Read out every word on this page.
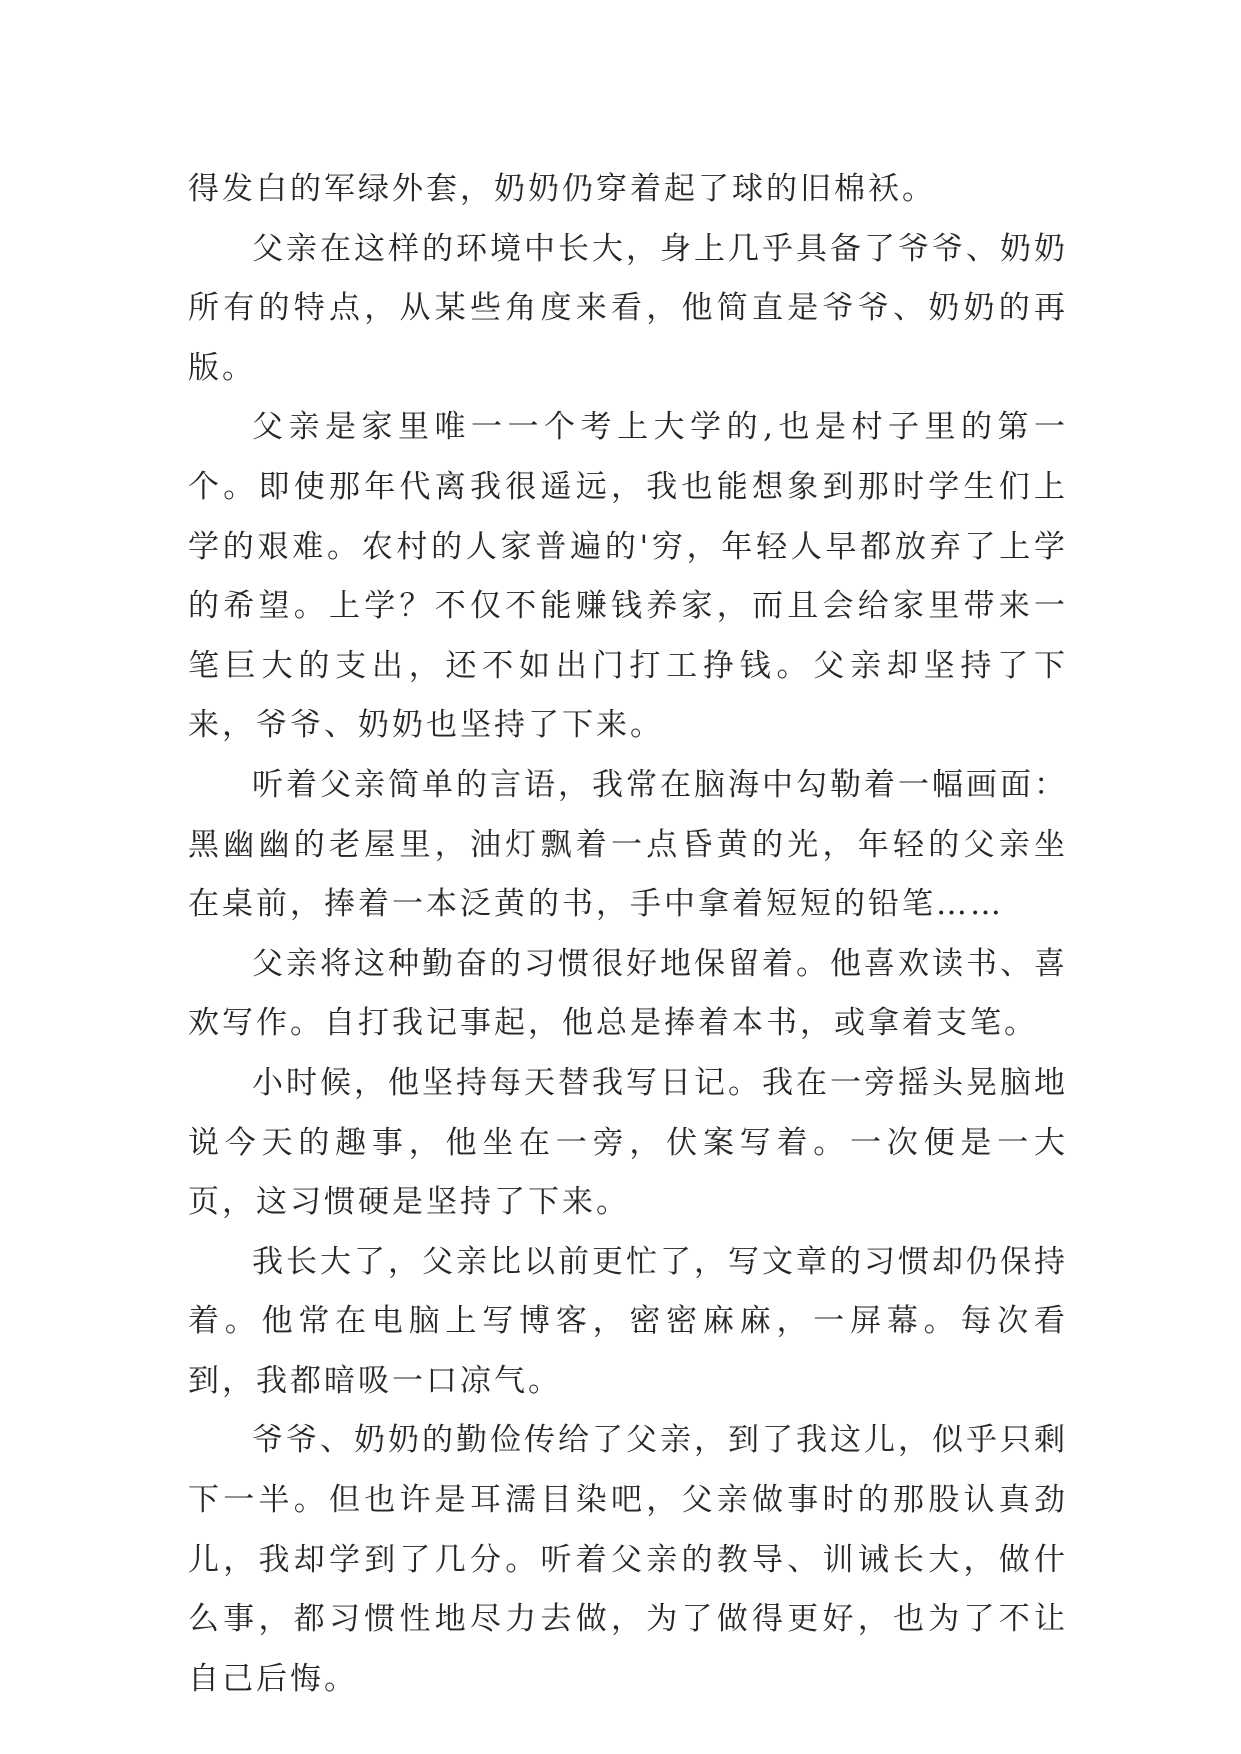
得发白的军绿外套，奶奶仍穿着起了球的旧棉袄。

父亲在这样的环境中长大，身上几乎具备了爷爷、奶奶所有的特点，从某些角度来看，他简直是爷爷、奶奶的再版。

父亲是家里唯一一个考上大学的,也是村子里的第一个。即使那年代离我很遥远，我也能想象到那时学生们上学的艰难。农村的人家普遍的'穷，年轻人早都放弃了上学的希望。上学？不仅不能赚钱养家，而且会给家里带来一笔巨大的支出，还不如出门打工挣钱。父亲却坚持了下来，爷爷、奶奶也坚持了下来。

听着父亲简单的言语，我常在脑海中勾勒着一幅画面：黑幽幽的老屋里，油灯飘着一点昏黄的光，年轻的父亲坐在桌前，捧着一本泛黄的书，手中拿着短短的铅笔……

父亲将这种勤奋的习惯很好地保留着。他喜欢读书、喜欢写作。自打我记事起，他总是捧着本书，或拿着支笔。

小时候，他坚持每天替我写日记。我在一旁摇头晃脑地说今天的趣事，他坐在一旁，伏案写着。一次便是一大页，这习惯硬是坚持了下来。

我长大了，父亲比以前更忙了，写文章的习惯却仍保持着。他常在电脑上写博客，密密麻麻，一屏幕。每次看到，我都暗吸一口凉气。

爷爷、奶奶的勤俭传给了父亲，到了我这儿，似乎只剩下一半。但也许是耳濡目染吧，父亲做事时的那股认真劲儿，我却学到了几分。听着父亲的教导、训诫长大，做什么事，都习惯性地尽力去做，为了做得更好，也为了不让自己后悔。
